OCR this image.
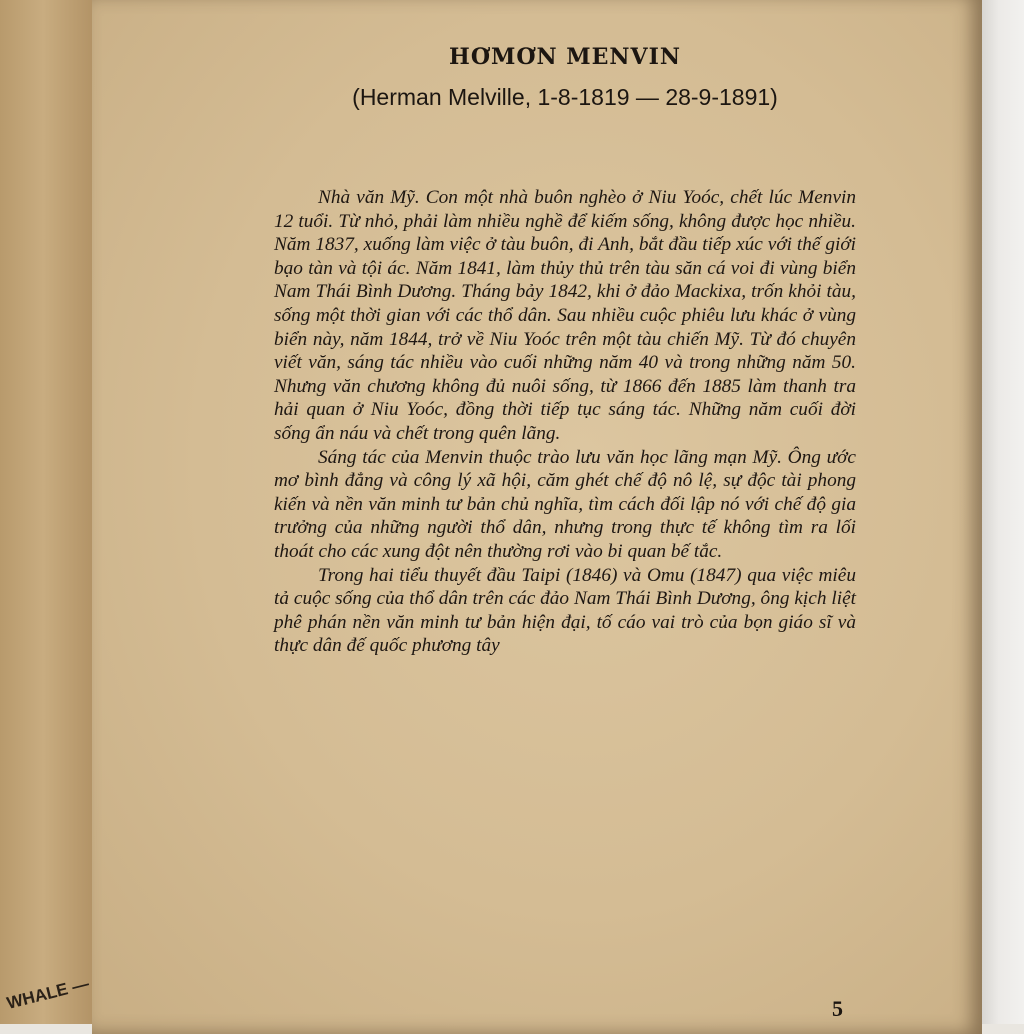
WHALE —
HƠMƠN MENVIN
(Herman Melville, 1-8-1819 — 28-9-1891)

Nhà văn Mỹ. Con một nhà buôn nghèo ở Niu Yoóc, chết lúc Menvin 12 tuổi. Từ nhỏ, phải làm nhiều nghề để kiếm sống, không được học nhiều. Năm 1837, xuống làm việc ở tàu buôn, đi Anh, bắt đầu tiếp xúc với thế giới bạo tàn và tội ác. Năm 1841, làm thủy thủ trên tàu săn cá voi đi vùng biển Nam Thái Bình Dương. Tháng bảy 1842, khi ở đảo Mackixa, trốn khỏi tàu, sống một thời gian với các thổ dân. Sau nhiều cuộc phiêu lưu khác ở vùng biển này, năm 1844, trở về Niu Yoóc trên một tàu chiến Mỹ. Từ đó chuyên viết văn, sáng tác nhiều vào cuối những năm 40 và trong những năm 50. Nhưng văn chương không đủ nuôi sống, từ 1866 đến 1885 làm thanh tra hải quan ở Niu Yoóc, đồng thời tiếp tục sáng tác. Những năm cuối đời sống ẩn náu và chết trong quên lãng.

Sáng tác của Menvin thuộc trào lưu văn học lãng mạn Mỹ. Ông ước mơ bình đẳng và công lý xã hội, căm ghét chế độ nô lệ, sự độc tài phong kiến và nền văn minh tư bản chủ nghĩa, tìm cách đối lập nó với chế độ gia trưởng của những người thổ dân, nhưng trong thực tế không tìm ra lối thoát cho các xung đột nên thường rơi vào bi quan bế tắc.

Trong hai tiểu thuyết đầu Taipi (1846) và Omu (1847) qua việc miêu tả cuộc sống của thổ dân trên các đảo Nam Thái Bình Dương, ông kịch liệt phê phán nền văn minh tư bản hiện đại, tố cáo vai trò của bọn giáo sĩ và thực dân đế quốc phương tây

5
